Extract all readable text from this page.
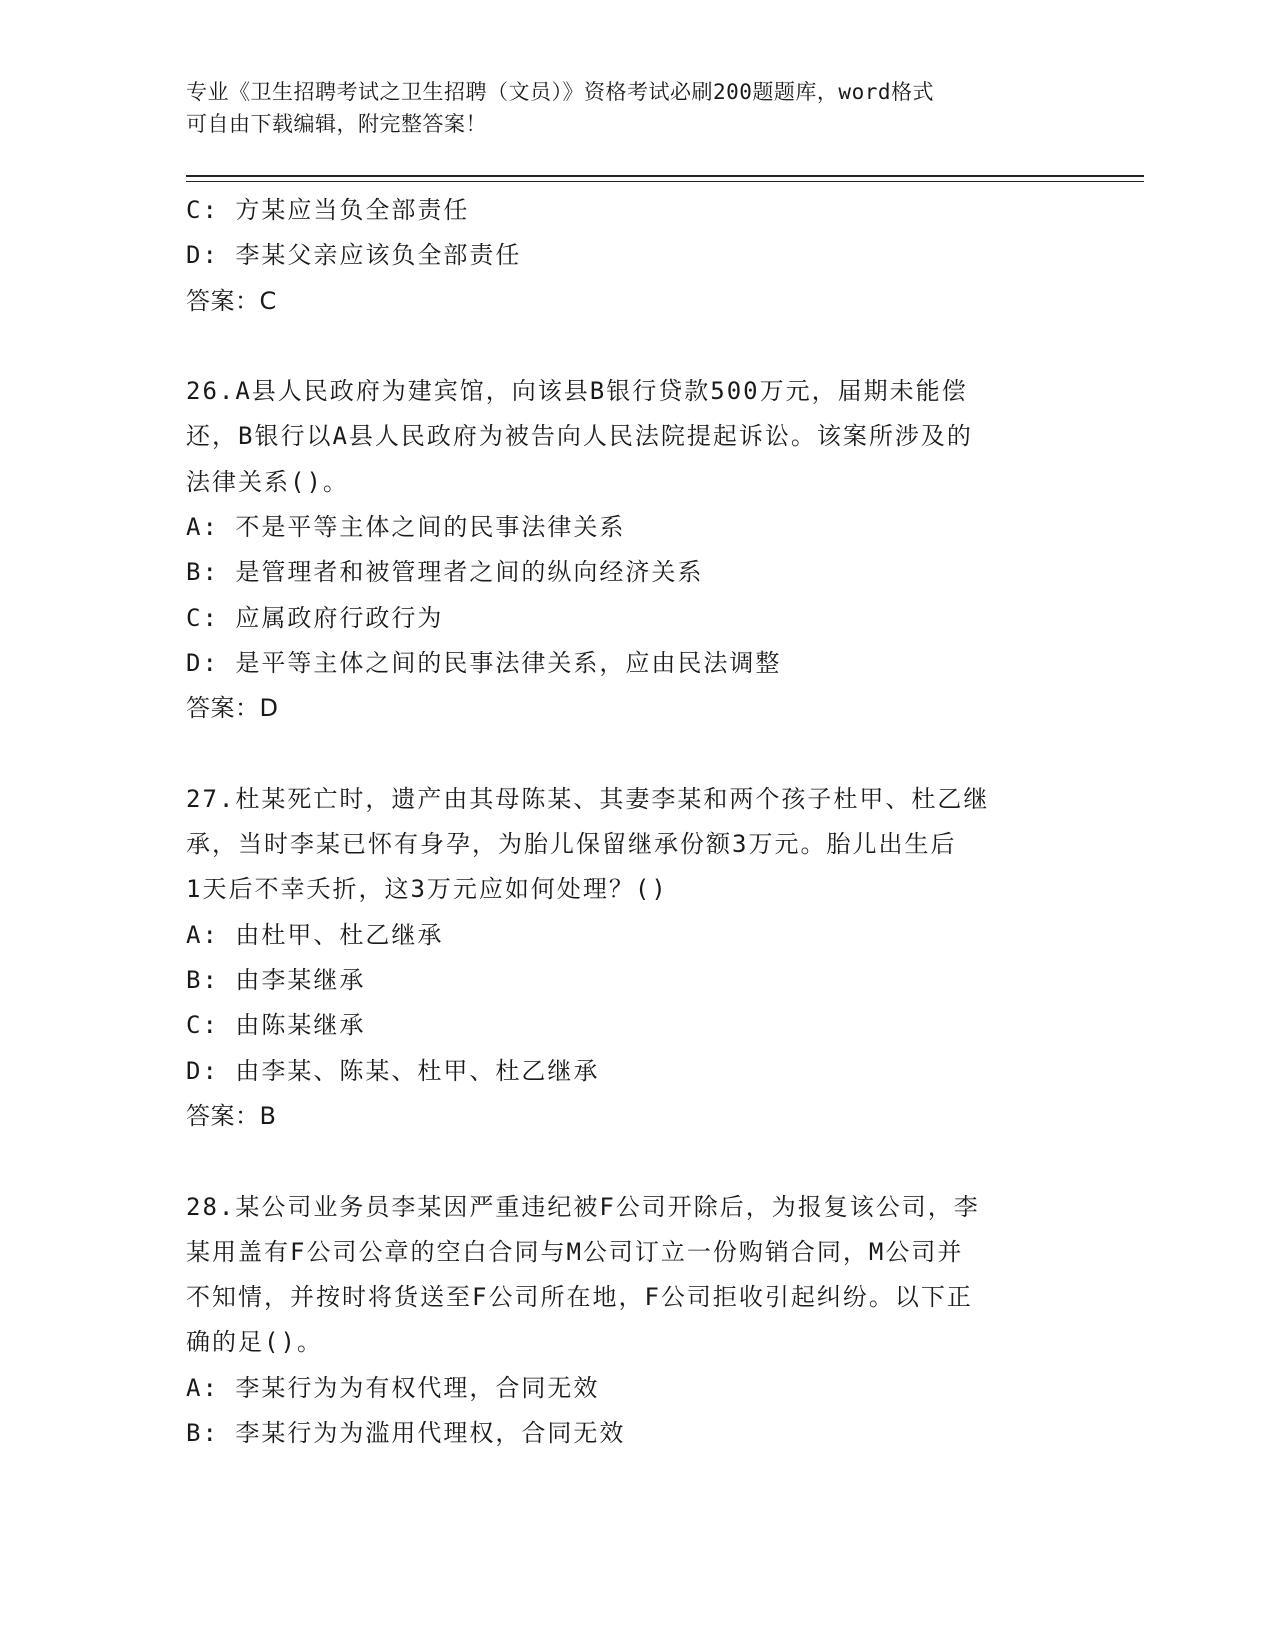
专业《卫生招聘考试之卫生招聘（文员）》资格考试必刷200题题库，word格式
可自由下载编辑，附完整答案！
C: 方某应当负全部责任
D: 李某父亲应该负全部责任
答案：C
26.A县人民政府为建宾馆，向该县B银行贷款500万元，届期未能偿
还，B银行以A县人民政府为被告向人民法院提起诉讼。该案所涉及的
法律关系()。
A: 不是平等主体之间的民事法律关系
B: 是管理者和被管理者之间的纵向经济关系
C: 应属政府行政行为
D: 是平等主体之间的民事法律关系，应由民法调整
答案：D
27.杜某死亡时，遗产由其母陈某、其妻李某和两个孩子杜甲、杜乙继
承，当时李某已怀有身孕，为胎儿保留继承份额3万元。胎儿出生后
1天后不幸夭折，这3万元应如何处理？()
A: 由杜甲、杜乙继承
B: 由李某继承
C: 由陈某继承
D: 由李某、陈某、杜甲、杜乙继承
答案：B
28.某公司业务员李某因严重违纪被F公司开除后，为报复该公司，李
某用盖有F公司公章的空白合同与M公司订立一份购销合同，M公司并
不知情，并按时将货送至F公司所在地，F公司拒收引起纠纷。以下正
确的足()。
A: 李某行为为有权代理，合同无效
B: 李某行为为滥用代理权，合同无效
